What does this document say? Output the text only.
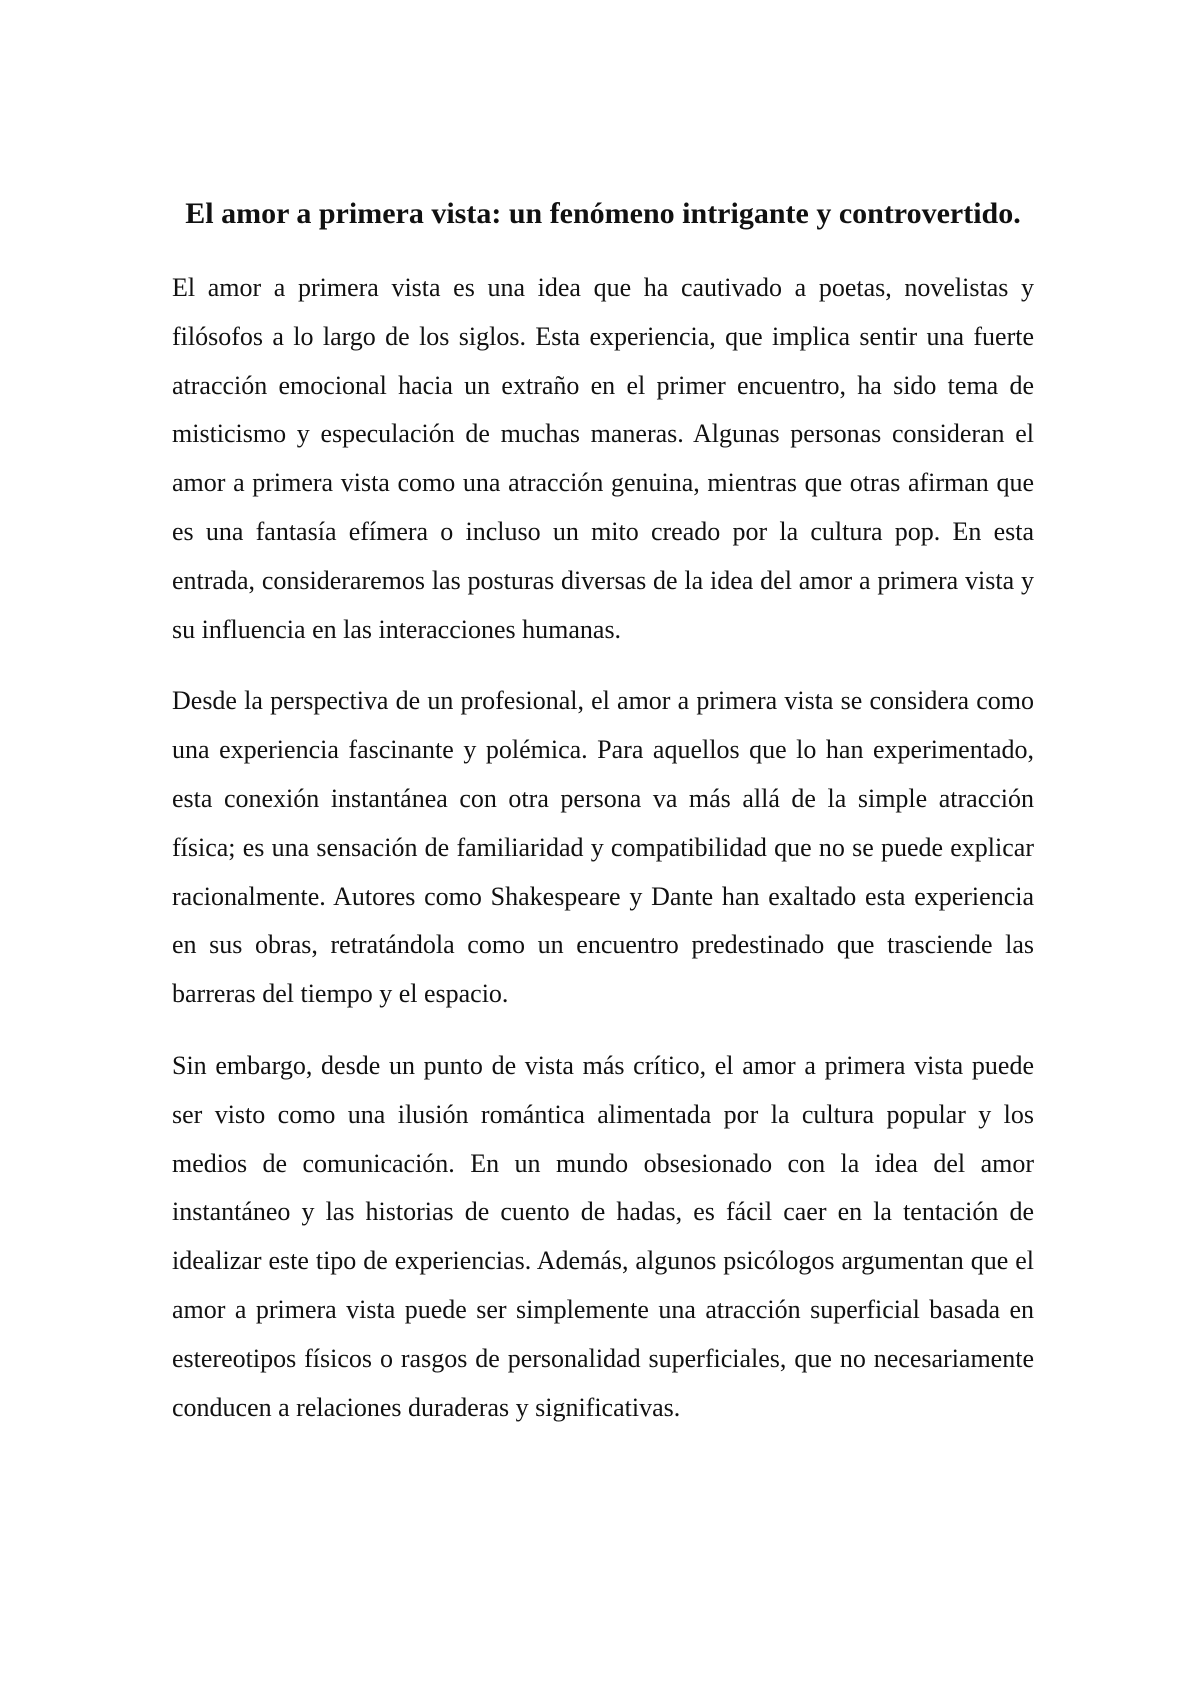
El amor a primera vista: un fenómeno intrigante y controvertido.

El amor a primera vista es una idea que ha cautivado a poetas, novelistas y filósofos a lo largo de los siglos. Esta experiencia, que implica sentir una fuerte atracción emocional hacia un extraño en el primer encuentro, ha sido tema de misticismo y especulación de muchas maneras. Algunas personas consideran el amor a primera vista como una atracción genuina, mientras que otras afirman que es una fantasía efímera o incluso un mito creado por la cultura pop. En esta entrada, consideraremos las posturas diversas de la idea del amor a primera vista y su influencia en las interacciones humanas.

Desde la perspectiva de un profesional, el amor a primera vista se considera como una experiencia fascinante y polémica. Para aquellos que lo han experimentado, esta conexión instantánea con otra persona va más allá de la simple atracción física; es una sensación de familiaridad y compatibilidad que no se puede explicar racionalmente. Autores como Shakespeare y Dante han exaltado esta experiencia en sus obras, retratándola como un encuentro predestinado que trasciende las barreras del tiempo y el espacio.

Sin embargo, desde un punto de vista más crítico, el amor a primera vista puede ser visto como una ilusión romántica alimentada por la cultura popular y los medios de comunicación. En un mundo obsesionado con la idea del amor instantáneo y las historias de cuento de hadas, es fácil caer en la tentación de idealizar este tipo de experiencias. Además, algunos psicólogos argumentan que el amor a primera vista puede ser simplemente una atracción superficial basada en estereotipos físicos o rasgos de personalidad superficiales, que no necesariamente conducen a relaciones duraderas y significativas.
